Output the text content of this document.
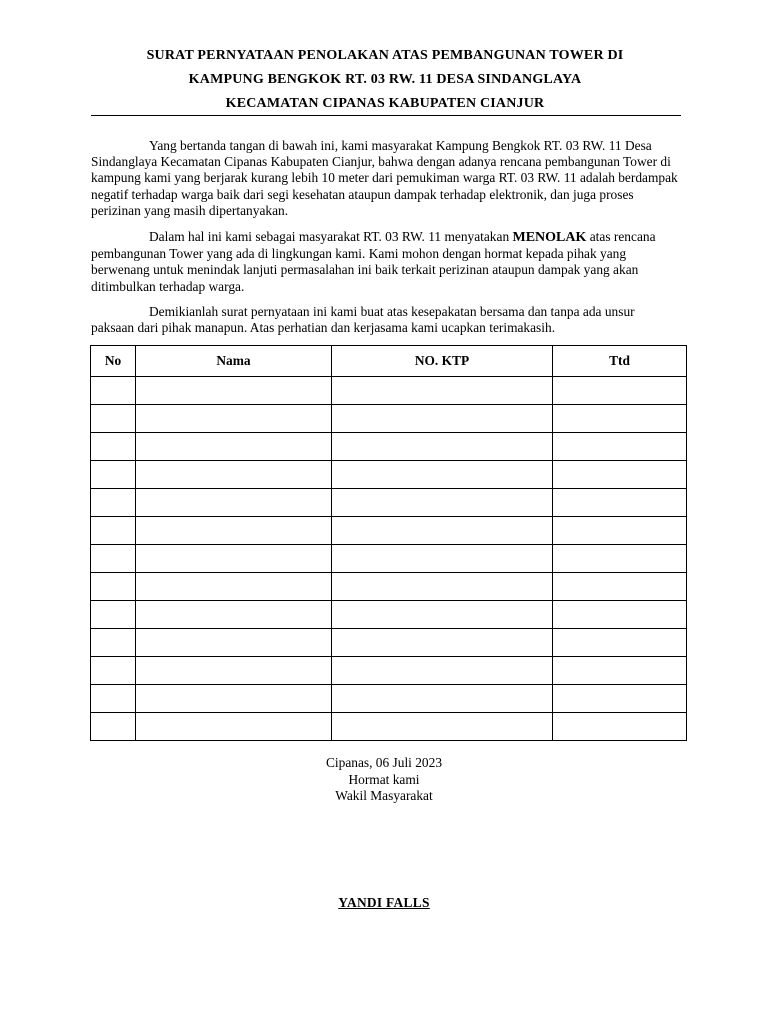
SURAT PERNYATAAN PENOLAKAN ATAS PEMBANGUNAN TOWER DI
KAMPUNG BENGKOK RT. 03 RW. 11 DESA SINDANGLAYA
KECAMATAN CIPANAS KABUPATEN CIANJUR

Yang bertanda tangan di bawah ini, kami masyarakat Kampung Bengkok RT. 03 RW. 11 Desa Sindanglaya Kecamatan Cipanas Kabupaten Cianjur, bahwa dengan adanya rencana pembangunan Tower di kampung kami yang berjarak kurang lebih 10 meter dari pemukiman warga RT. 03 RW. 11 adalah berdampak negatif terhadap warga baik dari segi kesehatan ataupun dampak terhadap elektronik, dan juga proses perizinan yang masih dipertanyakan.

Dalam hal ini kami sebagai masyarakat RT. 03 RW. 11 menyatakan MENOLAK atas rencana pembangunan Tower yang ada di lingkungan kami. Kami mohon dengan hormat kepada pihak yang berwenang untuk menindak lanjuti permasalahan ini baik terkait perizinan ataupun dampak yang akan ditimbulkan terhadap warga.

Demikianlah surat pernyataan ini kami buat atas kesepakatan bersama dan tanpa ada unsur paksaan dari pihak manapun. Atas perhatian dan kerjasama kami ucapkan terimakasih.

No	Nama	NO. KTP	Ttd

Cipanas, 06 Juli 2023
Hormat kami
Wakil Masyarakat
YANDI FALLS
